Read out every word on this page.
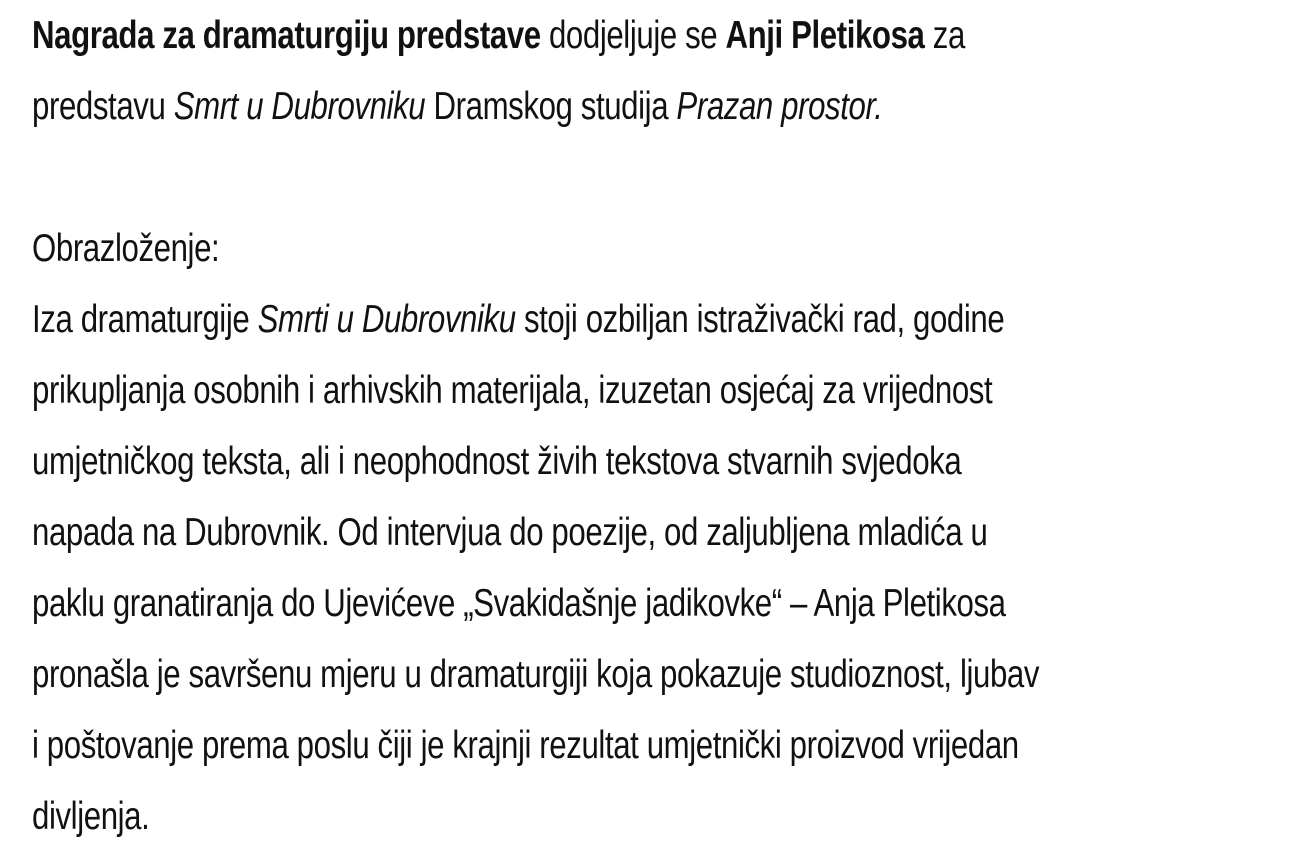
Nagrada za dramaturgiju predstave dodjeljuje se Anji Pletikosa za
predstavu Smrt u Dubrovniku Dramskog studija Prazan prostor.
Obrazloženje:
Iza dramaturgije Smrti u Dubrovniku stoji ozbiljan istraživački rad, godine
prikupljanja osobnih i arhivskih materijala, izuzetan osjećaj za vrijednost
umjetničkog teksta, ali i neophodnost živih tekstova stvarnih svjedoka
napada na Dubrovnik. Od intervjua do poezije, od zaljubljena mladića u
paklu granatiranja do Ujevićeve „Svakidašnje jadikovke“ – Anja Pletikosa
pronašla je savršenu mjeru u dramaturgiji koja pokazuje studioznost, ljubav
i poštovanje prema poslu čiji je krajnji rezultat umjetnički proizvod vrijedan
divljenja.
